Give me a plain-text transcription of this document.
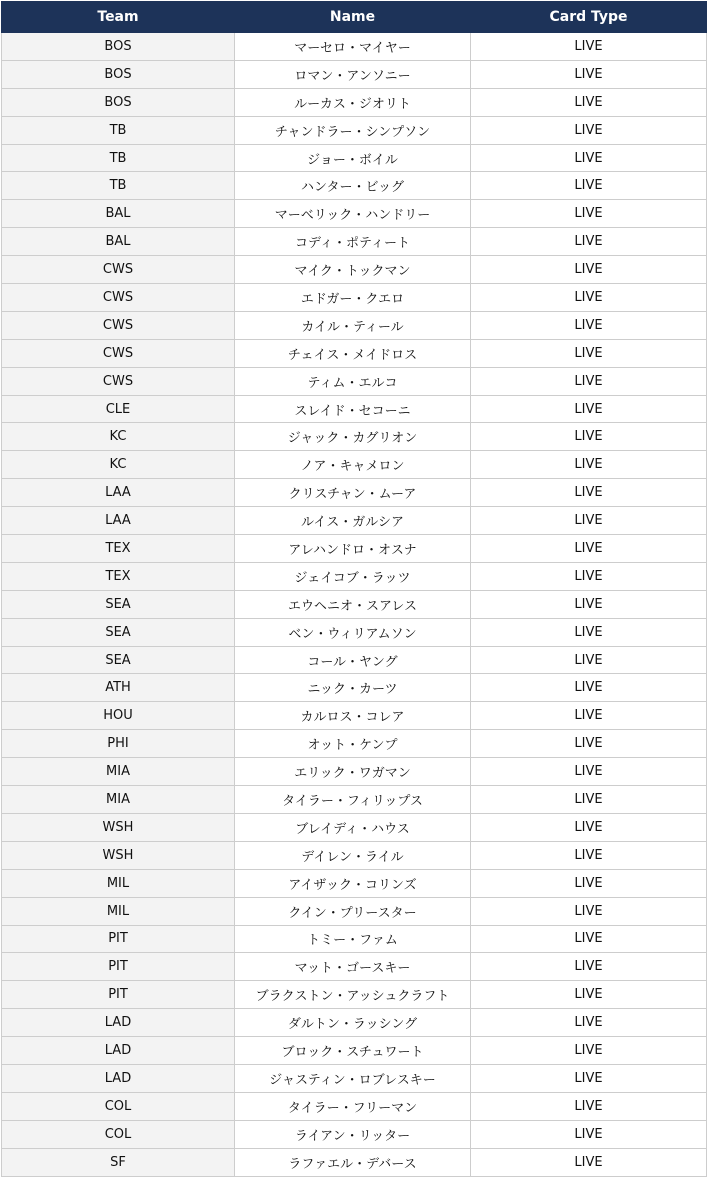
Team	Name	Card Type
BOS	マーセロ・マイヤー	LIVE
BOS	ロマン・アンソニー	LIVE
BOS	ルーカス・ジオリト	LIVE
TB	チャンドラー・シンプソン	LIVE
TB	ジョー・ボイル	LIVE
TB	ハンター・ビッグ	LIVE
BAL	マーベリック・ハンドリー	LIVE
BAL	コディ・ポティート	LIVE
CWS	マイク・トックマン	LIVE
CWS	エドガー・クエロ	LIVE
CWS	カイル・ティール	LIVE
CWS	チェイス・メイドロス	LIVE
CWS	ティム・エルコ	LIVE
CLE	スレイド・セコーニ	LIVE
KC	ジャック・カグリオン	LIVE
KC	ノア・キャメロン	LIVE
LAA	クリスチャン・ムーア	LIVE
LAA	ルイス・ガルシア	LIVE
TEX	アレハンドロ・オスナ	LIVE
TEX	ジェイコブ・ラッツ	LIVE
SEA	エウヘニオ・スアレス	LIVE
SEA	ベン・ウィリアムソン	LIVE
SEA	コール・ヤング	LIVE
ATH	ニック・カーツ	LIVE
HOU	カルロス・コレア	LIVE
PHI	オット・ケンプ	LIVE
MIA	エリック・ワガマン	LIVE
MIA	タイラー・フィリップス	LIVE
WSH	ブレイディ・ハウス	LIVE
WSH	デイレン・ライル	LIVE
MIL	アイザック・コリンズ	LIVE
MIL	クイン・プリースター	LIVE
PIT	トミー・ファム	LIVE
PIT	マット・ゴースキー	LIVE
PIT	ブラクストン・アッシュクラフト	LIVE
LAD	ダルトン・ラッシング	LIVE
LAD	ブロック・スチュワート	LIVE
LAD	ジャスティン・ロブレスキー	LIVE
COL	タイラー・フリーマン	LIVE
COL	ライアン・リッター	LIVE
SF	ラファエル・デバース	LIVE
